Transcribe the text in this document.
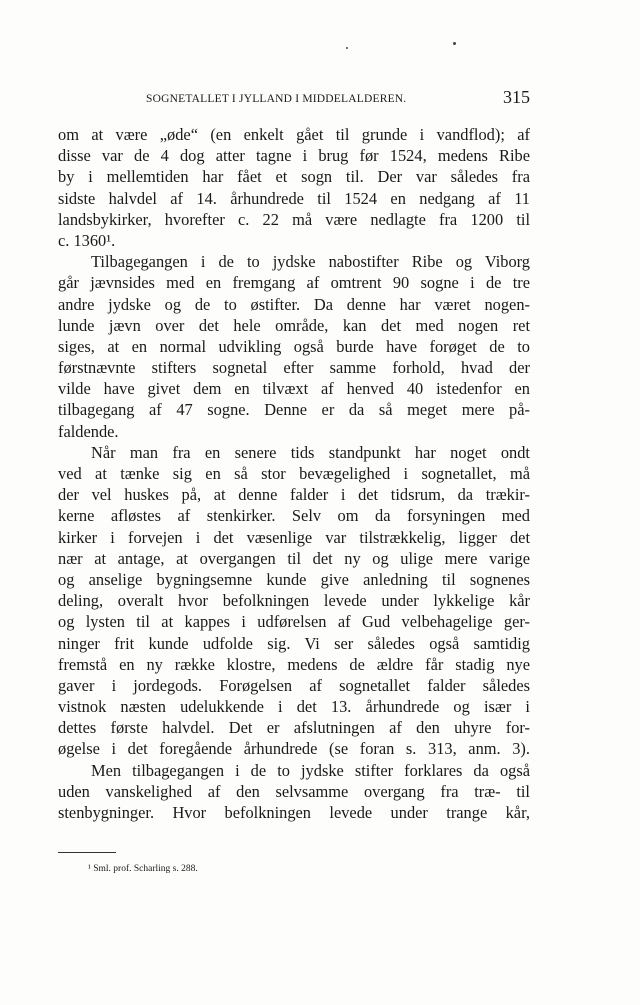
SOGNETALLET I JYLLAND I MIDDELALDEREN.	315
om at være „øde“ (en enkelt gået til grunde i vandflod); af
disse var de 4 dog atter tagne i brug før 1524, medens Ribe
by i mellemtiden har fået et sogn til. Der var således fra
sidste halvdel af 14. århundrede til 1524 en nedgang af 11
landsbykirker, hvorefter c. 22 må være nedlagte fra 1200 til
c. 1360¹.
Tilbagegangen i de to jydske nabostifter Ribe og Viborg
går jævnsides med en fremgang af omtrent 90 sogne i de tre
andre jydske og de to østifter. Da denne har været nogen-
lunde jævn over det hele område, kan det med nogen ret
siges, at en normal udvikling også burde have forøget de to
førstnævnte stifters sognetal efter samme forhold, hvad der
vilde have givet dem en tilvæxt af henved 40 istedenfor en
tilbagegang af 47 sogne. Denne er da så meget mere på-
faldende.
Når man fra en senere tids standpunkt har noget ondt
ved at tænke sig en så stor bevægelighed i sognetallet, må
der vel huskes på, at denne falder i det tidsrum, da trækir-
kerne afløstes af stenkirker. Selv om da forsyningen med
kirker i forvejen i det væsenlige var tilstrækkelig, ligger det
nær at antage, at overgangen til det ny og ulige mere varige
og anselige bygningsemne kunde give anledning til sognenes
deling, overalt hvor befolkningen levede under lykkelige kår
og lysten til at kappes i udførelsen af Gud velbehagelige ger-
ninger frit kunde udfolde sig. Vi ser således også samtidig
fremstå en ny række klostre, medens de ældre får stadig nye
gaver i jordegods. Forøgelsen af sognetallet falder således
vistnok næsten udelukkende i det 13. århundrede og især i
dettes første halvdel. Det er afslutningen af den uhyre for-
øgelse i det foregående århundrede (se foran s. 313, anm. 3).
Men tilbagegangen i de to jydske stifter forklares da også
uden vanskelighed af den selvsamme overgang fra træ- til
stenbygninger. Hvor befolkningen levede under trange kår,
¹ Sml. prof. Scharling s. 288.
